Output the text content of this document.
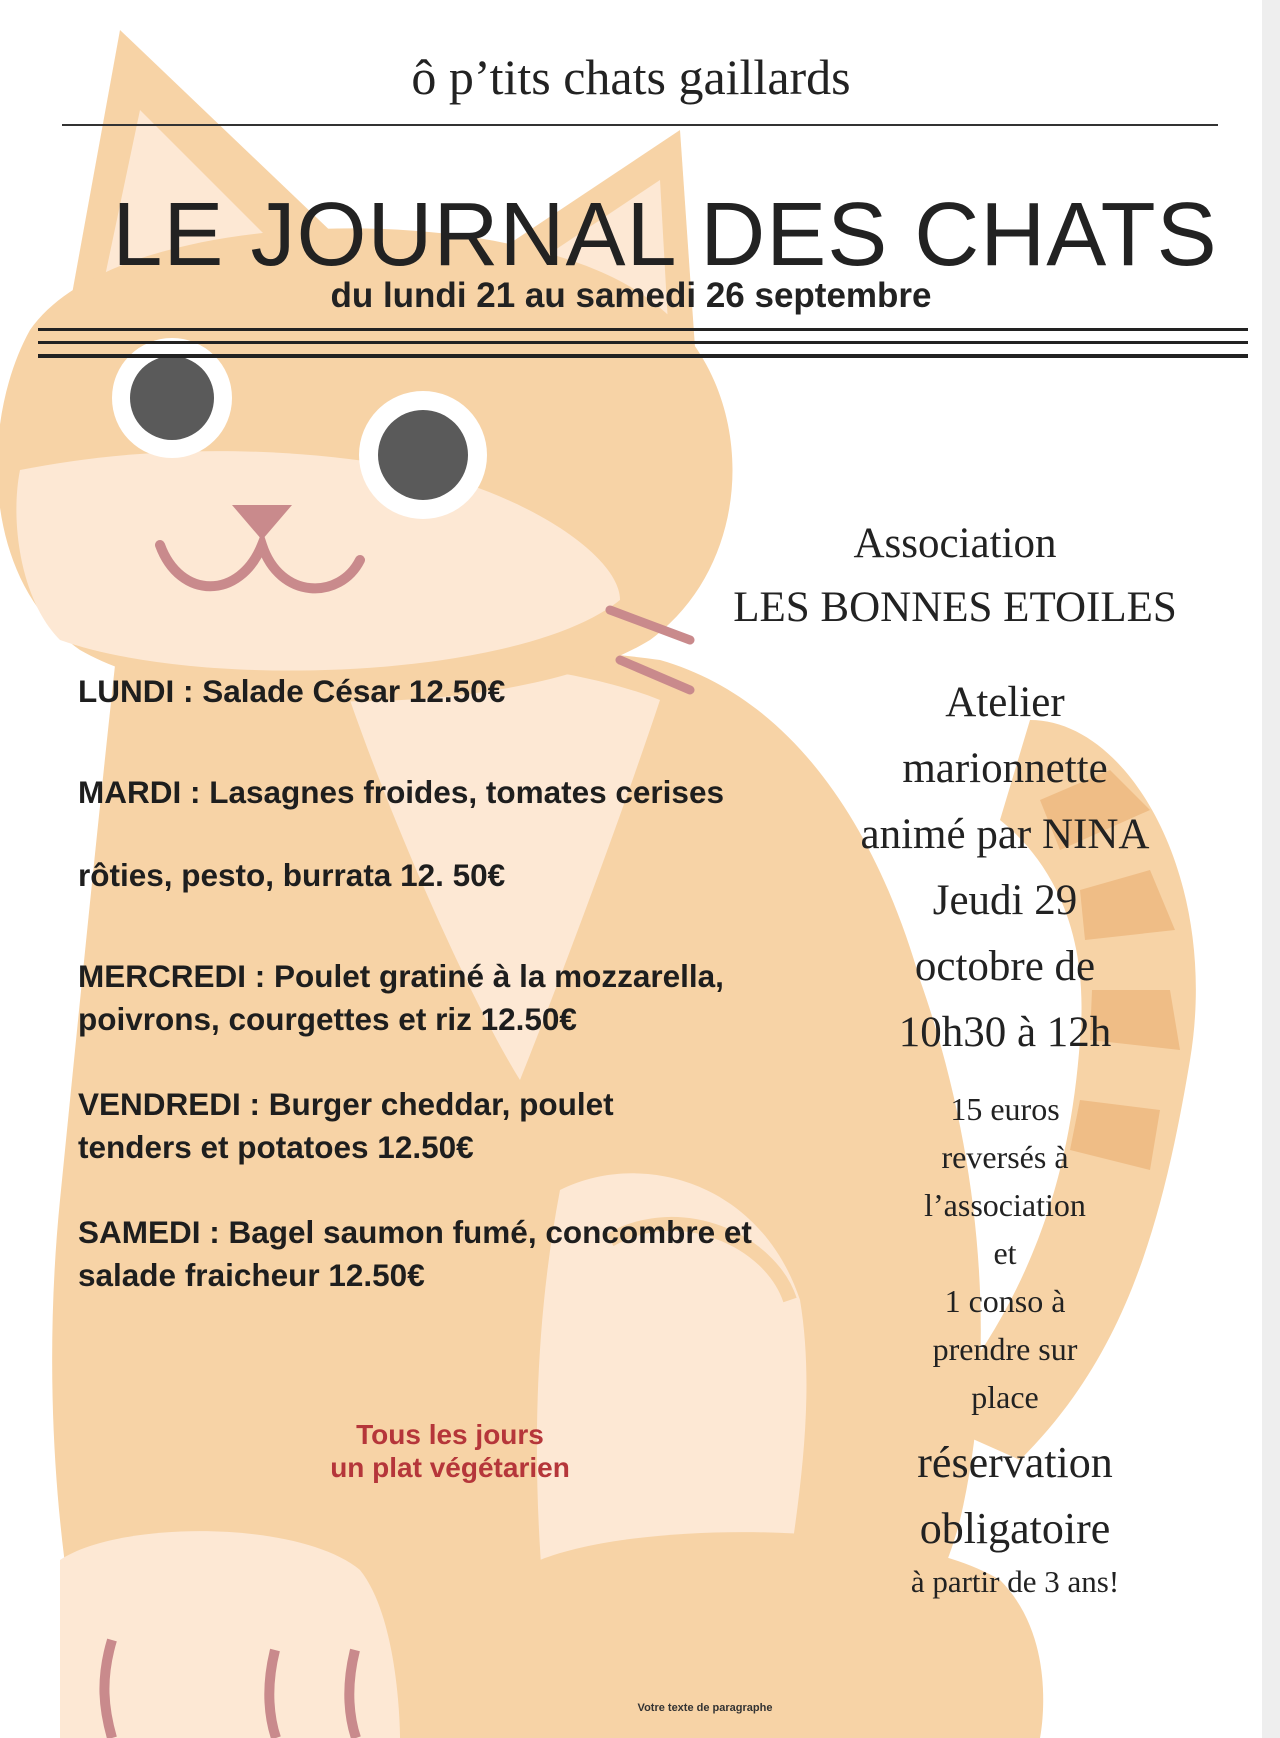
ô p’tits chats gaillards
LE JOURNAL DES CHATS
du lundi 21 au samedi 26 septembre
LUNDI : Salade César 12.50€
MARDI : Lasagnes froides, tomates cerises rôties, pesto, burrata 12. 50€
MERCREDI : Poulet gratiné à la mozzarella, poivrons, courgettes et riz 12.50€
VENDREDI : Burger cheddar, poulet tenders et potatoes 12.50€
SAMEDI : Bagel saumon fumé, concombre et salade fraicheur 12.50€
Tous les jours
un plat végétarien
Association
LES BONNES ETOILES
Atelier
marionnette
animé par NINA
Jeudi 29
octobre de
10h30 à 12h
15 euros
reversés à
l’association
et
1 conso à
prendre sur
place
réservation
obligatoire
à partir de 3 ans!
Votre texte de paragraphe
